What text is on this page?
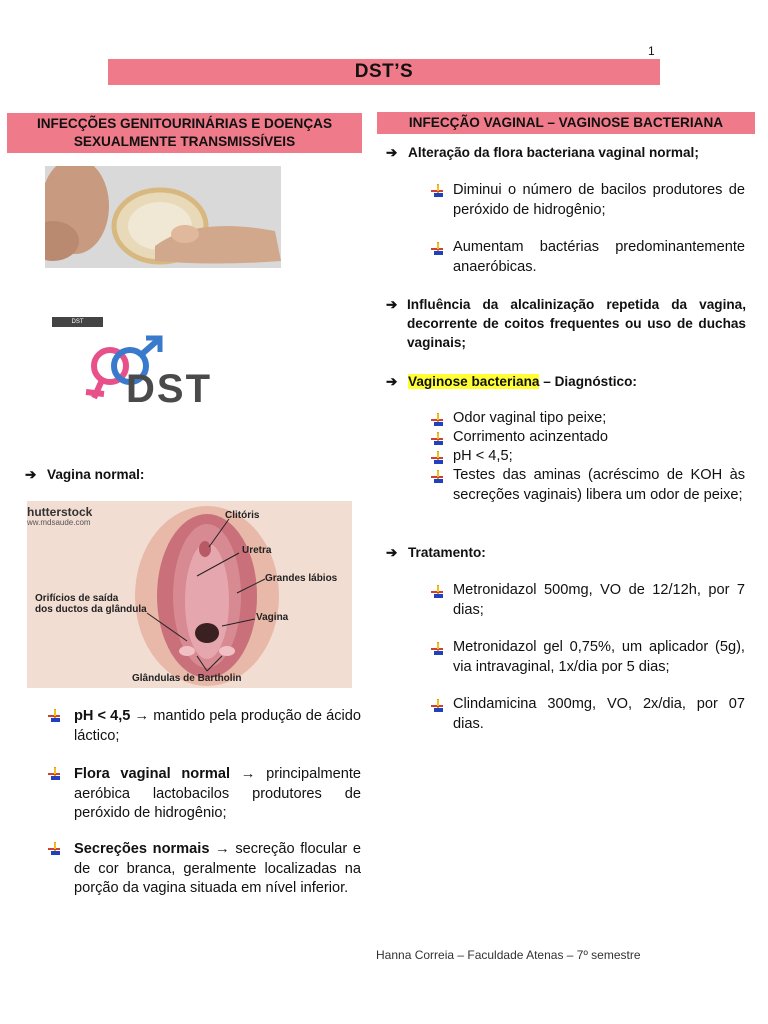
1
DST’S
INFECÇÕES GENITOURINÁRIAS E DOENÇAS
SEXUALMENTE TRANSMISSÍVEIS
INFECÇÃO VAGINAL – VAGINOSE BACTERIANA
DST
DST
➔ Vagina normal:
hutterstock
ww.mdsaude.com
Clitóris
Uretra
Grandes lábios
Orifícios de saída
dos ductos da glândula
Vagina
Glândulas de Bartholin
pH < 4,5 → mantido pela produção de ácido láctico;
Flora vaginal normal → principalmente aeróbica lactobacilos produtores de peróxido de hidrogênio;
Secreções normais → secreção flocular e de cor branca, geralmente localizadas na porção da vagina situada em nível inferior.
➔ Alteração da flora bacteriana vaginal normal;
Diminui o número de bacilos produtores de peróxido de hidrogênio;
Aumentam bactérias predominantemente anaeróbicas.
➔ Influência da alcalinização repetida da vagina, decorrente de coitos frequentes ou uso de duchas vaginais;
➔ Vaginose bacteriana – Diagnóstico:
Odor vaginal tipo peixe;
Corrimento acinzentado
pH < 4,5;
Testes das aminas (acréscimo de KOH às secreções vaginais) libera um odor de peixe;
➔ Tratamento:
Metronidazol 500mg, VO de 12/12h, por 7 dias;
Metronidazol gel 0,75%, um aplicador (5g), via intravaginal, 1x/dia por 5 dias;
Clindamicina 300mg, VO, 2x/dia, por 07 dias.
Hanna Correia – Faculdade Atenas – 7º semestre
